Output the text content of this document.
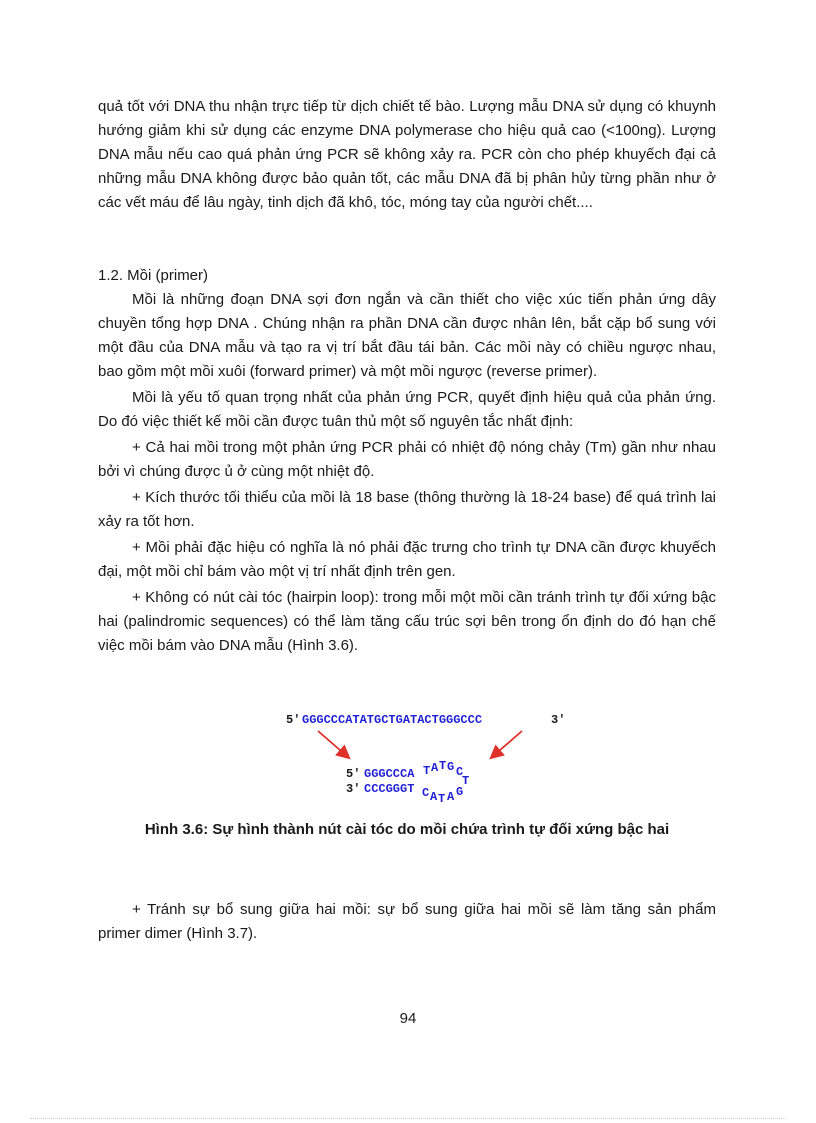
quả tốt với DNA thu nhận trực tiếp từ dịch chiết tế bào. Lượng mẫu DNA sử dụng có khuynh hướng giảm khi sử dụng các enzyme DNA polymerase cho hiệu quả cao (<100ng). Lượng DNA mẫu nếu cao quá phản ứng PCR sẽ không xảy ra. PCR còn cho phép khuyếch đại cả những mẫu DNA không được bảo quản tốt, các mẫu DNA đã bị phân hủy từng phần như ở các vết máu để lâu ngày, tinh dịch đã khô, tóc, móng tay của người chết....

1.2. Mồi (primer)

Mồi là những đoạn DNA sợi đơn ngắn và cần thiết cho việc xúc tiến phản ứng dây chuyền tổng hợp DNA . Chúng nhận ra phần DNA cần được nhân lên, bắt cặp bổ sung với một đầu của DNA mẫu và tạo ra vị trí bắt đầu tái bản. Các mồi này có chiều ngược nhau, bao gồm một mồi xuôi (forward primer) và một mồi ngược (reverse primer).

Mồi là yếu tố quan trọng nhất của phản ứng PCR, quyết định hiệu quả của phản ứng. Do đó việc thiết kế mồi cần được tuân thủ một số nguyên tắc nhất định:

+ Cả hai mồi trong một phản ứng PCR phải có nhiệt độ nóng chảy (Tm) gần như nhau bởi vì chúng được ủ ở cùng một nhiệt độ.

+ Kích thước tối thiểu của mồi là 18 base (thông thường là 18-24 base) để quá trình lai xảy ra tốt hơn.

+ Mồi phải đặc hiệu có nghĩa là nó phải đặc trưng cho trình tự DNA cần được khuyếch đại, một mồi chỉ bám vào một vị trí nhất định trên gen.

+ Không có nút cài tóc (hairpin loop): trong mỗi một mồi cần tránh trình tự đối xứng bậc hai (palindromic sequences) có thể làm tăng cấu trúc sợi bên trong ổn định do đó hạn chế việc mồi bám vào DNA mẫu (Hình 3.6).

5' GGGCCCATATGCTGATACTGGGCCC	3'
5' GGGCCCA
3' CCCGGGT
T A T G C
T
G
A
T
A
C
Hình 3.6: Sự hình thành nút cài tóc do mồi chứa trình tự đối xứng bậc hai

+ Tránh sự bổ sung giữa hai mồi: sự bổ sung giữa hai mồi sẽ làm tăng sản phẩm primer dimer (Hình 3.7).

94
